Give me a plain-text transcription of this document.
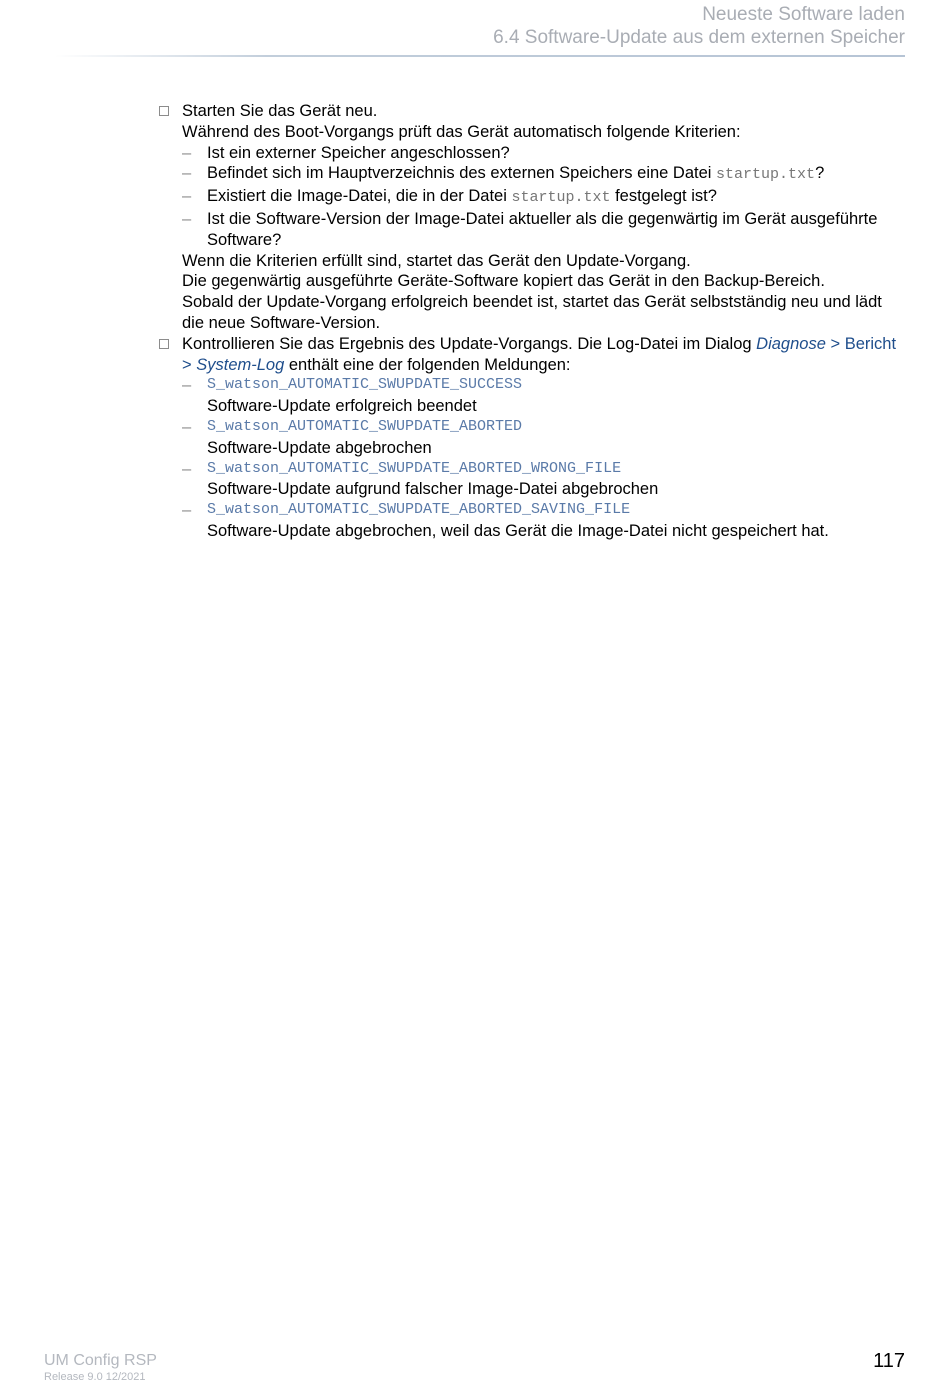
Neueste Software laden
6.4 Software-Update aus dem externen Speicher
Starten Sie das Gerät neu.
Während des Boot-Vorgangs prüft das Gerät automatisch folgende Kriterien:
– Ist ein externer Speicher angeschlossen?
– Befindet sich im Hauptverzeichnis des externen Speichers eine Datei startup.txt?
– Existiert die Image-Datei, die in der Datei startup.txt festgelegt ist?
– Ist die Software-Version der Image-Datei aktueller als die gegenwärtig im Gerät ausgeführte Software?
Wenn die Kriterien erfüllt sind, startet das Gerät den Update-Vorgang.
Die gegenwärtig ausgeführte Geräte-Software kopiert das Gerät in den Backup-Bereich.
Sobald der Update-Vorgang erfolgreich beendet ist, startet das Gerät selbstständig neu und lädt die neue Software-Version.
Kontrollieren Sie das Ergebnis des Update-Vorgangs. Die Log-Datei im Dialog Diagnose > Bericht > System-Log enthält eine der folgenden Meldungen:
– S_watson_AUTOMATIC_SWUPDATE_SUCCESS
Software-Update erfolgreich beendet
– S_watson_AUTOMATIC_SWUPDATE_ABORTED
Software-Update abgebrochen
– S_watson_AUTOMATIC_SWUPDATE_ABORTED_WRONG_FILE
Software-Update aufgrund falscher Image-Datei abgebrochen
– S_watson_AUTOMATIC_SWUPDATE_ABORTED_SAVING_FILE
Software-Update abgebrochen, weil das Gerät die Image-Datei nicht gespeichert hat.
UM Config RSP
Release 9.0 12/2021
117
